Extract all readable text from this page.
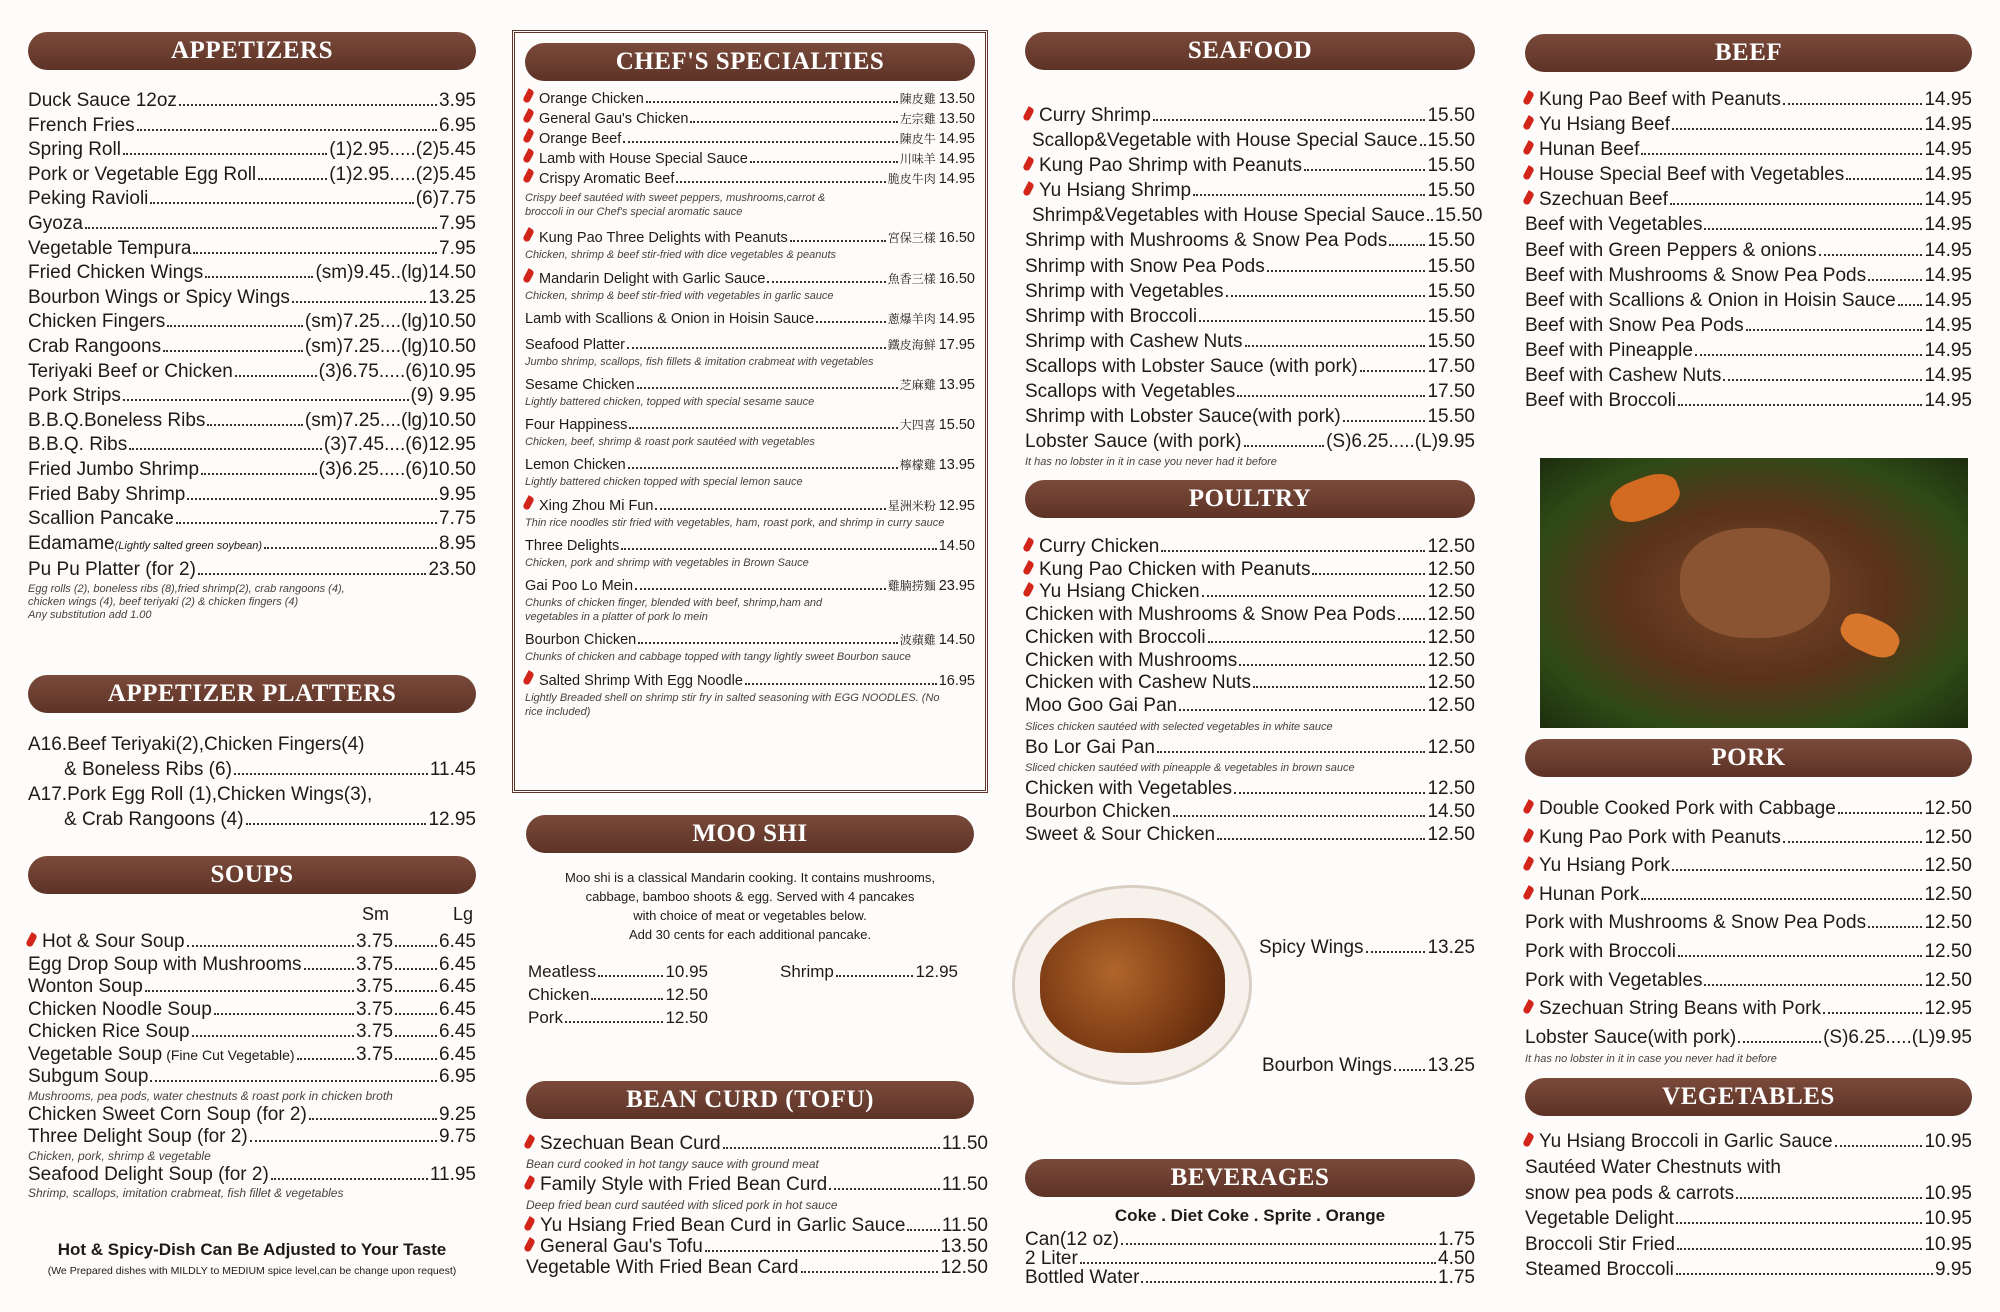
APPETIZERS
Duck Sauce 12oz	3.95
French Fries	6.95
Spring Roll	(1)2.95.....(2)5.45
Pork or Vegetable Egg Roll	(1)2.95.....(2)5.45
Peking Ravioli	(6)7.75
Gyoza	7.95
Vegetable Tempura	7.95
Fried Chicken Wings	(sm)9.45..(lg)14.50
Bourbon Wings or Spicy Wings	13.25
Chicken Fingers	(sm)7.25....(lg)10.50
Crab Rangoons	(sm)7.25....(lg)10.50
Teriyaki Beef or Chicken	(3)6.75.....(6)10.95
Pork Strips	(9) 9.95
B.B.Q.Boneless Ribs	(sm)7.25....(lg)10.50
B.B.Q. Ribs	(3)7.45....(6)12.95
Fried Jumbo Shrimp	(3)6.25.....(6)10.50
Fried Baby Shrimp	9.95
Scallion Pancake	7.75
Edamame (Lightly salted green soybean)	8.95
Pu Pu Platter (for 2)	23.50
Egg rolls (2), boneless ribs (8),fried shrimp(2), crab rangoons (4),
chicken wings (4), beef teriyaki (2) & chicken fingers (4)
Any substitution add 1.00
APPETIZER PLATTERS
A16.Beef Teriyaki(2),Chicken Fingers(4)
& Boneless Ribs (6)	11.45
A17.Pork Egg Roll (1),Chicken Wings(3),
& Crab Rangoons (4)	12.95
SOUPS
Sm	Lg
Hot & Sour Soup	3.75 6.45
Egg Drop Soup with Mushrooms	3.75 6.45
Wonton Soup	3.75 6.45
Chicken Noodle Soup	3.75 6.45
Chicken Rice Soup	3.75 6.45
Vegetable Soup (Fine Cut Vegetable)	3.75 6.45
Subgum Soup	6.95
Mushrooms, pea pods, water chestnuts & roast pork in chicken broth
Chicken Sweet Corn Soup (for 2)	9.25
Three Delight Soup (for 2)	9.75
Chicken, pork, shrimp & vegetable
Seafood Delight Soup (for 2)	11.95
Shrimp, scallops, imitation crabmeat, fish fillet & vegetables
Hot & Spicy-Dish Can Be Adjusted to Your Taste
(We Prepared dishes with MILDLY to MEDIUM spice level,can be change upon request)
CHEF'S SPECIALTIES
Orange Chicken	陳皮雞 13.50
General Gau's Chicken	左宗雞 13.50
Orange Beef	陳皮牛 14.95
Lamb with House Special Sauce	川味羊 14.95
Crispy Aromatic Beef	脆皮牛肉 14.95
Crispy beef sautéed with sweet peppers, mushrooms,carrot & broccoli in our Chef's special aromatic sauce
Kung Pao Three Delights with Peanuts	宮保三樣 16.50
Chicken, shrimp & beef stir-fried with dice vegetables & peanuts
Mandarin Delight with Garlic Sauce	魚香三樣 16.50
Chicken, shrimp & beef stir-fried with vegetables in garlic sauce
Lamb with Scallions & Onion in Hoisin Sauce	蔥爆羊肉 14.95
Seafood Platter	鐵皮海鮮 17.95
Jumbo shrimp, scallops, fish fillets & imitation crabmeat with vegetables
Sesame Chicken	芝麻雞 13.95
Lightly battered chicken, topped with special sesame sauce
Four Happiness	大四喜 15.50
Chicken, beef, shrimp & roast pork sautéed with vegetables
Lemon Chicken	檸檬雞 13.95
Lightly battered chicken topped with special lemon sauce
Xing Zhou Mi Fun	星洲米粉 12.95
Thin rice noodles stir fried with vegetables, ham, roast pork, and shrimp in curry sauce
Three Delights	14.50
Chicken, pork and shrimp with vegetables in Brown Sauce
Gai Poo Lo Mein	雞腩捞麵 23.95
Chunks of chicken finger, blended with beef, shrimp,ham and vegetables in a platter of pork lo mein
Bourbon Chicken	波蘋雞 14.50
Chunks of chicken and cabbage topped with tangy lightly sweet Bourbon sauce
Salted Shrimp With Egg Noodle	16.95
Lightly Breaded shell on shrimp stir fry in salted seasoning with EGG NOODLES. (No rice included)
MOO SHI
Moo shi is a classical Mandarin cooking. It contains mushrooms,
cabbage, bamboo shoots & egg. Served with 4 pancakes
with choice of meat or vegetables below.
Add 30 cents for each additional pancake.
Meatless	10.95
Chicken	12.50
Pork	12.50
Shrimp	12.95
BEAN CURD (TOFU)
Szechuan Bean Curd	11.50
Bean curd cooked in hot tangy sauce with ground meat
Family Style with Fried Bean Curd	11.50
Deep fried bean curd sautéed with sliced pork in hot sauce
Yu Hsiang Fried Bean Curd in Garlic Sauce 11.50
General Gau's Tofu	13.50
Vegetable With Fried Bean Card	12.50
SEAFOOD
Curry Shrimp	15.50
Scallop&Vegetable with House Special Sauce 15.50
Kung Pao Shrimp with Peanuts	15.50
Yu Hsiang Shrimp	15.50
Shrimp&Vegetables with House Special Sauce 15.50
Shrimp with Mushrooms & Snow Pea Pods 15.50
Shrimp with Snow Pea Pods	15.50
Shrimp with Vegetables	15.50
Shrimp with Broccoli	15.50
Shrimp with Cashew Nuts	15.50
Scallops with Lobster Sauce (with pork)	17.50
Scallops with Vegetables	17.50
Shrimp with Lobster Sauce(with pork)	15.50
Lobster Sauce (with pork)	(S)6.25.....(L)9.95
It has no lobster in it in case you never had it before
POULTRY
Curry Chicken	12.50
Kung Pao Chicken with Peanuts	12.50
Yu Hsiang Chicken	12.50
Chicken with Mushrooms & Snow Pea Pods 12.50
Chicken with Broccoli	12.50
Chicken with Mushrooms	12.50
Chicken with Cashew Nuts	12.50
Moo Goo Gai Pan	12.50
Slices chicken sautéed with selected vegetables in white sauce
Bo Lor Gai Pan	12.50
Sliced chicken sautéed with pineapple & vegetables in brown sauce
Chicken with Vegetables	12.50
Bourbon Chicken	14.50
Sweet & Sour Chicken	12.50
Spicy Wings	13.25
Bourbon Wings 13.25
BEVERAGES
Coke . Diet Coke . Sprite . Orange
Can(12 oz)	1.75
2 Liter	4.50
Bottled Water	1.75
BEEF
Kung Pao Beef with Peanuts	14.95
Yu Hsiang Beef	14.95
Hunan Beef	14.95
House Special Beef with Vegetables	14.95
Szechuan Beef	14.95
Beef with Vegetables	14.95
Beef with Green Peppers & onions	14.95
Beef with Mushrooms & Snow Pea Pods	14.95
Beef with Scallions & Onion in Hoisin Sauce 14.95
Beef with Snow Pea Pods	14.95
Beef with Pineapple	14.95
Beef with Cashew Nuts	14.95
Beef with Broccoli	14.95
PORK
Double Cooked Pork with Cabbage	12.50
Kung Pao Pork with Peanuts	12.50
Yu Hsiang Pork	12.50
Hunan Pork	12.50
Pork with Mushrooms & Snow Pea Pods	12.50
Pork with Broccoli	12.50
Pork with Vegetables	12.50
Szechuan String Beans with Pork	12.95
Lobster Sauce(with pork)	(S)6.25.....(L)9.95
It has no lobster in it in case you never had it before
VEGETABLES
Yu Hsiang Broccoli in Garlic Sauce	10.95
Sautéed Water Chestnuts with
snow pea pods & carrots	10.95
Vegetable Delight	10.95
Broccoli Stir Fried	10.95
Steamed Broccoli	9.95
